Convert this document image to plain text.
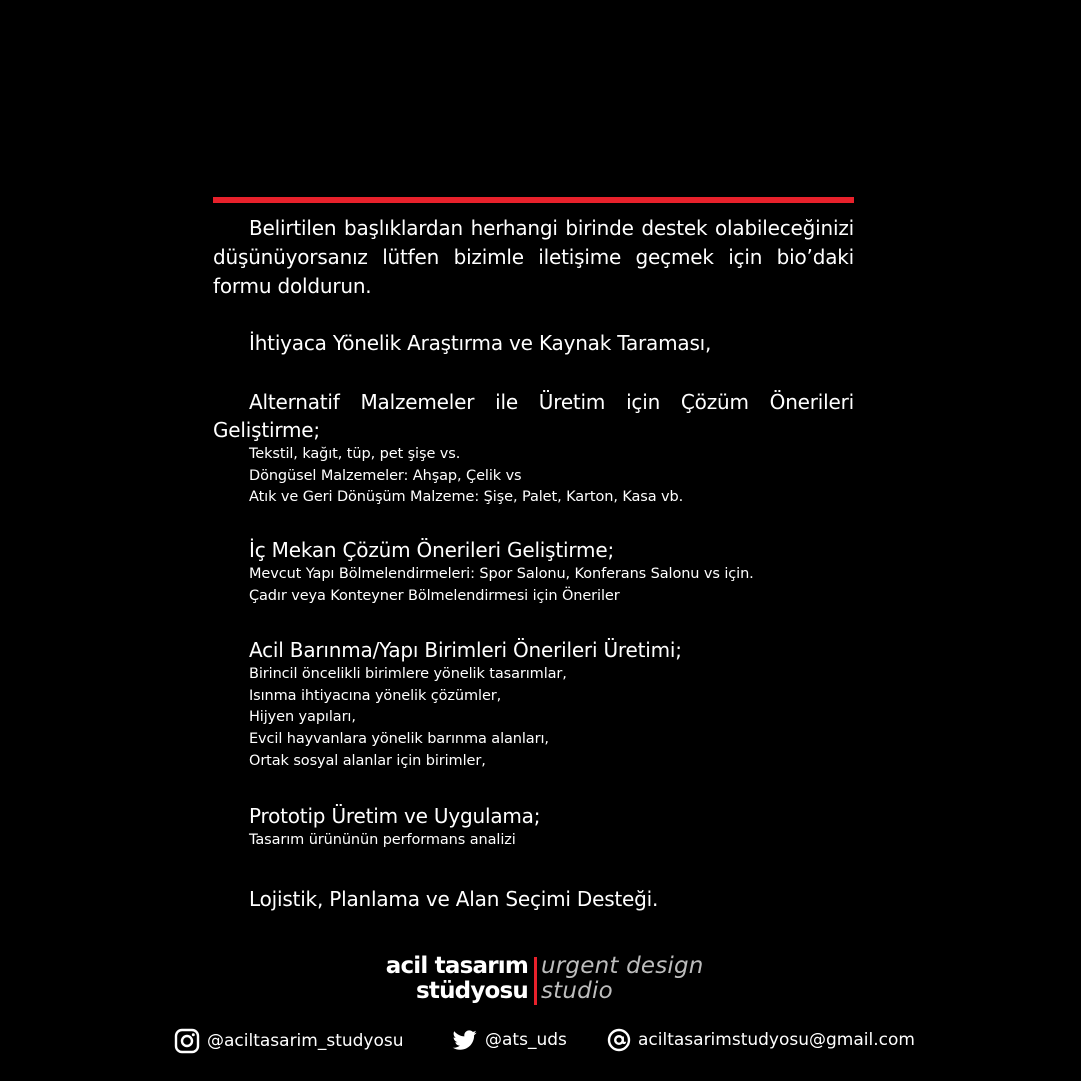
Belirtilen başlıklardan herhangi birinde destek olabileceğinizi düşünüyorsanız lütfen bizimle iletişime geçmek için bio’daki formu doldurun.

İhtiyaca Yönelik Araştırma ve Kaynak Taraması,

Alternatif Malzemeler ile Üretim için Çözüm Önerileri Geliştirme;

Tekstil, kağıt, tüp, pet şişe vs.
Döngüsel Malzemeler: Ahşap, Çelik vs
Atık ve Geri Dönüşüm Malzeme: Şişe, Palet, Karton, Kasa vb.

İç Mekan Çözüm Önerileri Geliştirme;

Mevcut Yapı Bölmelendirmeleri: Spor Salonu, Konferans Salonu vs için.
Çadır veya Konteyner Bölmelendirmesi için Öneriler

Acil Barınma/Yapı Birimleri Önerileri Üretimi;

Birincil öncelikli birimlere yönelik tasarımlar,
Isınma ihtiyacına yönelik çözümler,
Hijyen yapıları,
Evcil hayvanlara yönelik barınma alanları,
Ortak sosyal alanlar için birimler,

Prototip Üretim ve Uygulama;

Tasarım ürününün performans analizi

Lojistik, Planlama ve Alan Seçimi Desteği.

acil tasarım
stüdyosu
urgent design
studio
@aciltasarim_studyosu	@ats_uds	aciltasarimstudyosu@gmail.com
